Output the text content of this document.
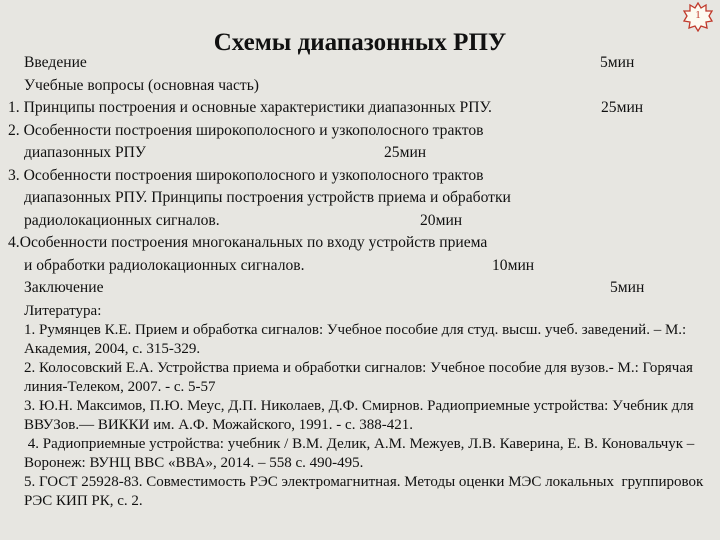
Схемы диапазонных РПУ
1
Введение	5мин
Учебные вопросы (основная часть)
1. Принципы построения и основные характеристики диапазонных РПУ.	25мин
2. Особенности построения широкополосного и узкополосного трактов
диапазонных РПУ	25мин
3. Особенности построения широкополосного и узкополосного трактов
диапазонных РПУ. Принципы построения устройств приема и обработки
радиолокационных сигналов.	20мин
4.Особенности построения многоканальных по входу устройств приема
и обработки радиолокационных сигналов.	10мин
Заключение	5мин

Литература:

1. Румянцев К.Е. Прием и обработка сигналов: Учебное пособие для студ. высш. учеб. заведений. – М.: Академия, 2004, с. 315-329.

2. Колосовский Е.А. Устройства приема и обработки сигналов: Учебное пособие для вузов.- М.: Горячая линия-Телеком, 2007. - с. 5-57

3. Ю.Н. Максимов, П.Ю. Меус, Д.П. Николаев, Д.Ф. Смирнов. Радиоприемные устройства: Учебник для ВВУЗов.— ВИККИ им. А.Ф. Можайского, 1991. - с. 388-421.

4. Радиоприемные устройства: учебник / В.М. Делик, А.М. Межуев, Л.В. Каверина, Е. В. Коновальчук – Воронеж: ВУНЦ ВВС «ВВА», 2014. – 558 с. 490-495.

5. ГОСТ 25928-83. Совместимость РЭС электромагнитная. Методы оценки МЭС локальных  группировок РЭС КИП РК, с. 2.
